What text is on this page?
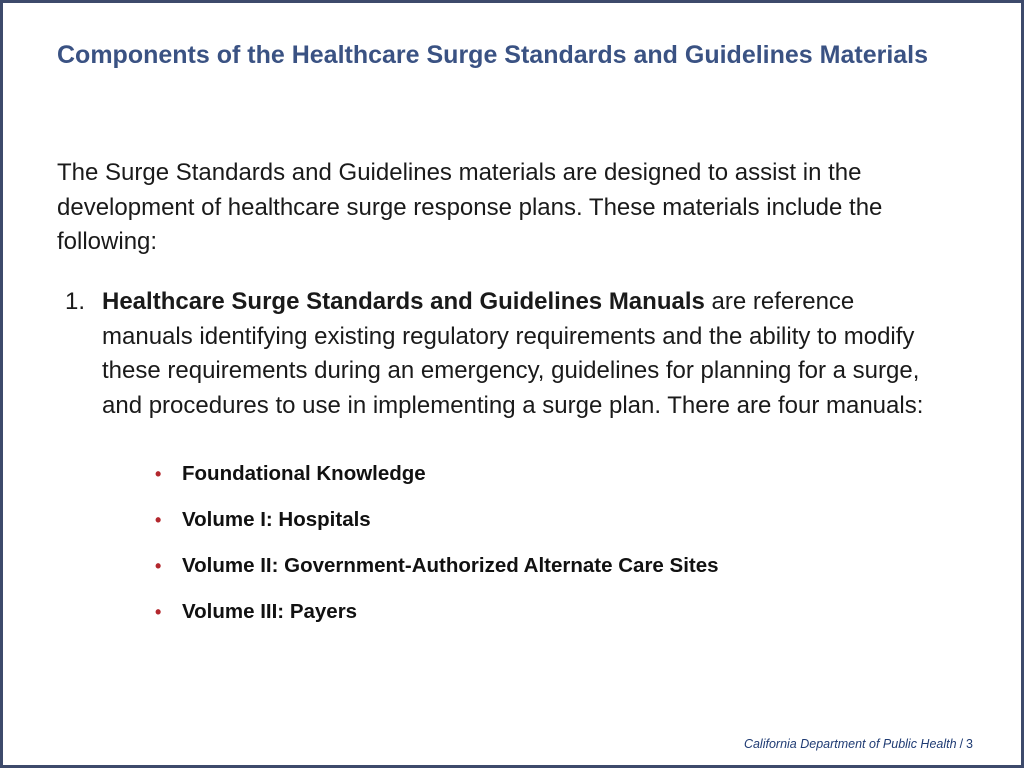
Components of the Healthcare Surge Standards and Guidelines Materials

The Surge Standards and Guidelines materials are designed to assist in the development of healthcare surge response plans. These materials include the following:

1. Healthcare Surge Standards and Guidelines Manuals are reference manuals identifying existing regulatory requirements and the ability to modify these requirements during an emergency, guidelines for planning for a surge, and procedures to use in implementing a surge plan. There are four manuals:
• Foundational Knowledge
• Volume I: Hospitals
• Volume II: Government-Authorized Alternate Care Sites
• Volume III: Payers
California Department of Public Health / 3
